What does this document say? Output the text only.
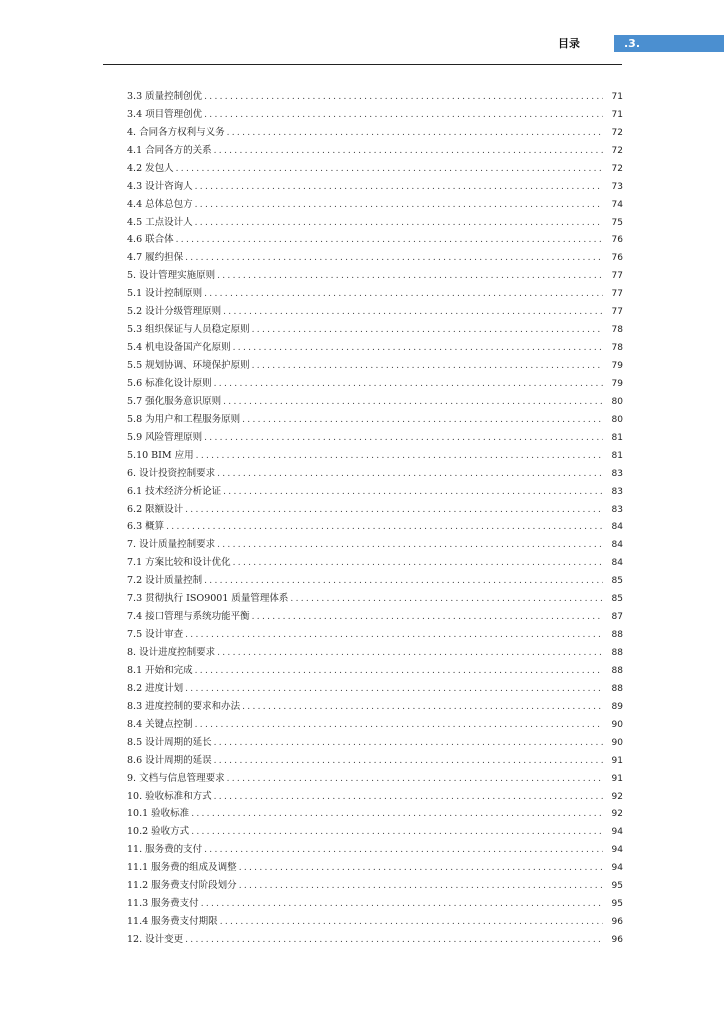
目录	.3.
3.3 质量控制创优 .....	71
3.4 项目管理创优 .....	71
4. 合同各方权利与义务 .....	72
4.1 合同各方的关系 .....	72
4.2 发包人 .....	72
4.3 设计咨询人 .....	73
4.4 总体总包方 .....	74
4.5 工点设计人 .....	75
4.6 联合体 .....	76
4.7 履约担保 .....	76
5. 设计管理实施原则 .....	77
5.1 设计控制原则 .....	77
5.2 设计分级管理原则 .....	77
5.3 组织保证与人员稳定原则 .....	78
5.4 机电设备国产化原则 .....	78
5.5 规划协调、环境保护原则 .....	79
5.6 标准化设计原则 .....	79
5.7 强化服务意识原则 .....	80
5.8 为用户和工程服务原则 .....	80
5.9 风险管理原则 .....	81
5.10 BIM 应用 .....	81
6. 设计投资控制要求 .....	83
6.1 技术经济分析论证 .....	83
6.2 限额设计 .....	83
6.3 概算 .....	84
7. 设计质量控制要求 .....	84
7.1 方案比较和设计优化 .....	84
7.2 设计质量控制 .....	85
7.3 贯彻执行 ISO9001 质量管理体系 .....	85
7.4 接口管理与系统功能平衡 .....	87
7.5 设计审查 .....	88
8. 设计进度控制要求 .....	88
8.1 开始和完成 .....	88
8.2 进度计划 .....	88
8.3 进度控制的要求和办法 .....	89
8.4 关键点控制 .....	90
8.5 设计周期的延长 .....	90
8.6 设计周期的延误 .....	91
9. 文档与信息管理要求 .....	91
10. 验收标准和方式 .....	92
10.1 验收标准 .....	92
10.2 验收方式 .....	94
11. 服务费的支付 .....	94
11.1 服务费的组成及调整 .....	94
11.2 服务费支付阶段划分 .....	95
11.3 服务费支付 .....	95
11.4 服务费支付期限 .....	96
12. 设计变更 .....	96
